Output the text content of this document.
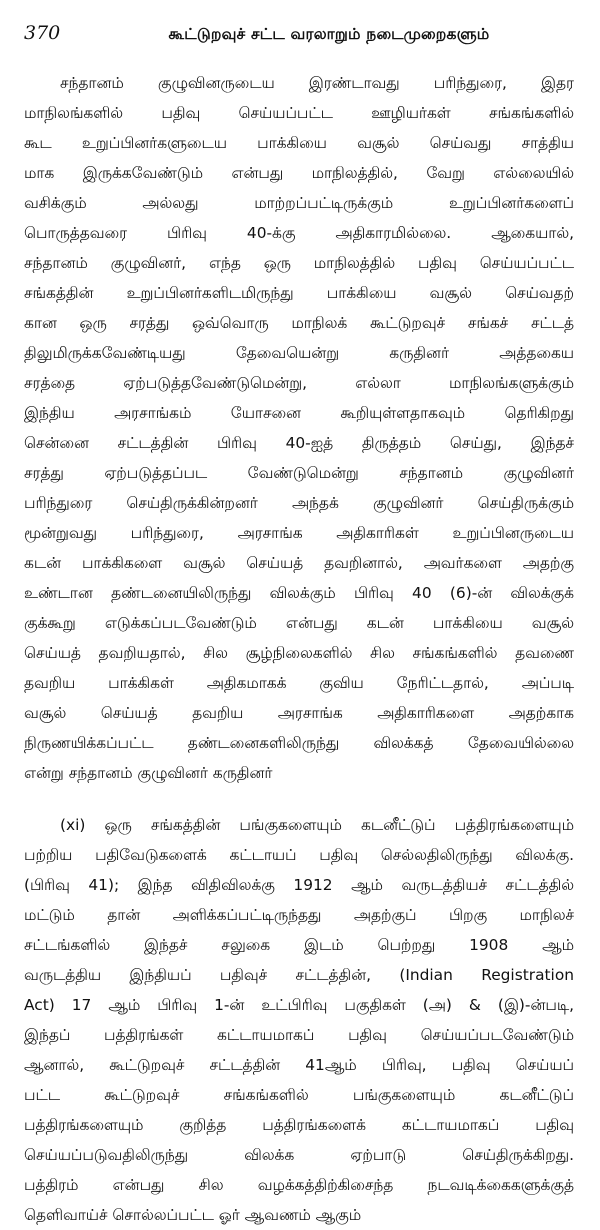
370	கூட்டுறவுச் சட்ட வரலாறும் நடைமுறைகளும்
சந்தானம் குழுவினருடைய இரண்டாவது பரிந்துரை, இதர
மாநிலங்களில் பதிவு செய்யப்பட்ட ஊழியர்கள் சங்கங்களில்
கூட உறுப்பினர்களுடைய பாக்கியை வசூல் செய்வது சாத்திய
மாக இருக்கவேண்டும் என்பது மாநிலத்தில், வேறு எல்லையில்
வசிக்கும் அல்லது மாற்றப்பட்டிருக்கும் உறுப்பினர்களைப்
பொருத்தவரை பிரிவு 40-க்கு அதிகாரமில்லை. ஆகையால்,
சந்தானம் குழுவினர், எந்த ஒரு மாநிலத்தில் பதிவு செய்யப்பட்ட
சங்கத்தின் உறுப்பினர்களிடமிருந்து பாக்கியை வசூல் செய்வதற்
கான ஒரு சரத்து ஒவ்வொரு மாநிலக் கூட்டுறவுச் சங்கச் சட்டத்
திலுமிருக்கவேண்டியது தேவையென்று கருதினர் அத்தகைய
சரத்தை ஏற்படுத்தவேண்டுமென்று, எல்லா மாநிலங்களுக்கும்
இந்திய அரசாங்கம் யோசனை கூறியுள்ளதாகவும் தெரிகிறது
சென்னை சட்டத்தின் பிரிவு 40-ஐத் திருத்தம் செய்து, இந்தச்
சரத்து ஏற்படுத்தப்பட வேண்டுமென்று சந்தானம் குழுவினர்
பரிந்துரை செய்திருக்கின்றனர் அந்தக் குழுவினர் செய்திருக்கும்
மூன்றுவது பரிந்துரை, அரசாங்க அதிகாரிகள் உறுப்பினருடைய
கடன் பாக்கிகளை வசூல் செய்யத் தவறினால், அவர்களை அதற்கு
உண்டான தண்டனையிலிருந்து விலக்கும் பிரிவு 40 (6)-ன் விலக்குக்
குக்கூறு எடுக்கப்படவேண்டும் என்பது கடன் பாக்கியை வசூல்
செய்யத் தவறியதால், சில சூழ்நிலைகளில் சில சங்கங்களில் தவணை
தவறிய பாக்கிகள் அதிகமாகக் குவிய நேரிட்டதால், அப்படி
வசூல் செய்யத் தவறிய அரசாங்க அதிகாரிகளை அதற்காக
நிருணயிக்கப்பட்ட தண்டனைகளிலிருந்து விலக்கத் தேவையில்லை
என்று சந்தானம் குழுவினர் கருதினர்
(xi) ஒரு சங்கத்தின் பங்குகளையும் கடனீட்டுப் பத்திரங்களையும்
பற்றிய பதிவேடுகளைக் கட்டாயப் பதிவு செல்லதிலிருந்து விலக்கு.
(பிரிவு 41); இந்த விதிவிலக்கு 1912 ஆம் வருடத்தியச் சட்டத்தில்
மட்டும் தான் அளிக்கப்பட்டிருந்தது அதற்குப் பிறகு மாநிலச்
சட்டங்களில் இந்தச் சலுகை இடம் பெற்றது 1908 ஆம்
வருடத்திய இந்தியப் பதிவுச் சட்டத்தின், (Indian Registration
Act) 17 ஆம் பிரிவு 1-ன் உட்பிரிவு பகுதிகள் (அ) & (இ)-ன்படி,
இந்தப் பத்திரங்கள் கட்டாயமாகப் பதிவு செய்யப்படவேண்டும்
ஆனால், கூட்டுறவுச் சட்டத்தின் 41ஆம் பிரிவு, பதிவு செய்யப்
பட்ட கூட்டுறவுச் சங்கங்களில் பங்குகளையும் கடனீட்டுப்
பத்திரங்களையும் குறித்த பத்திரங்களைக் கட்டாயமாகப் பதிவு
செய்யப்படுவதிலிருந்து விலக்க ஏற்பாடு செய்திருக்கிறது.
பத்திரம் என்பது சில வழக்கத்திற்கிசைந்த நடவடிக்கைகளுக்குத்
தெளிவாய்ச் சொல்லப்பட்ட ஓர் ஆவணம் ஆகும்
